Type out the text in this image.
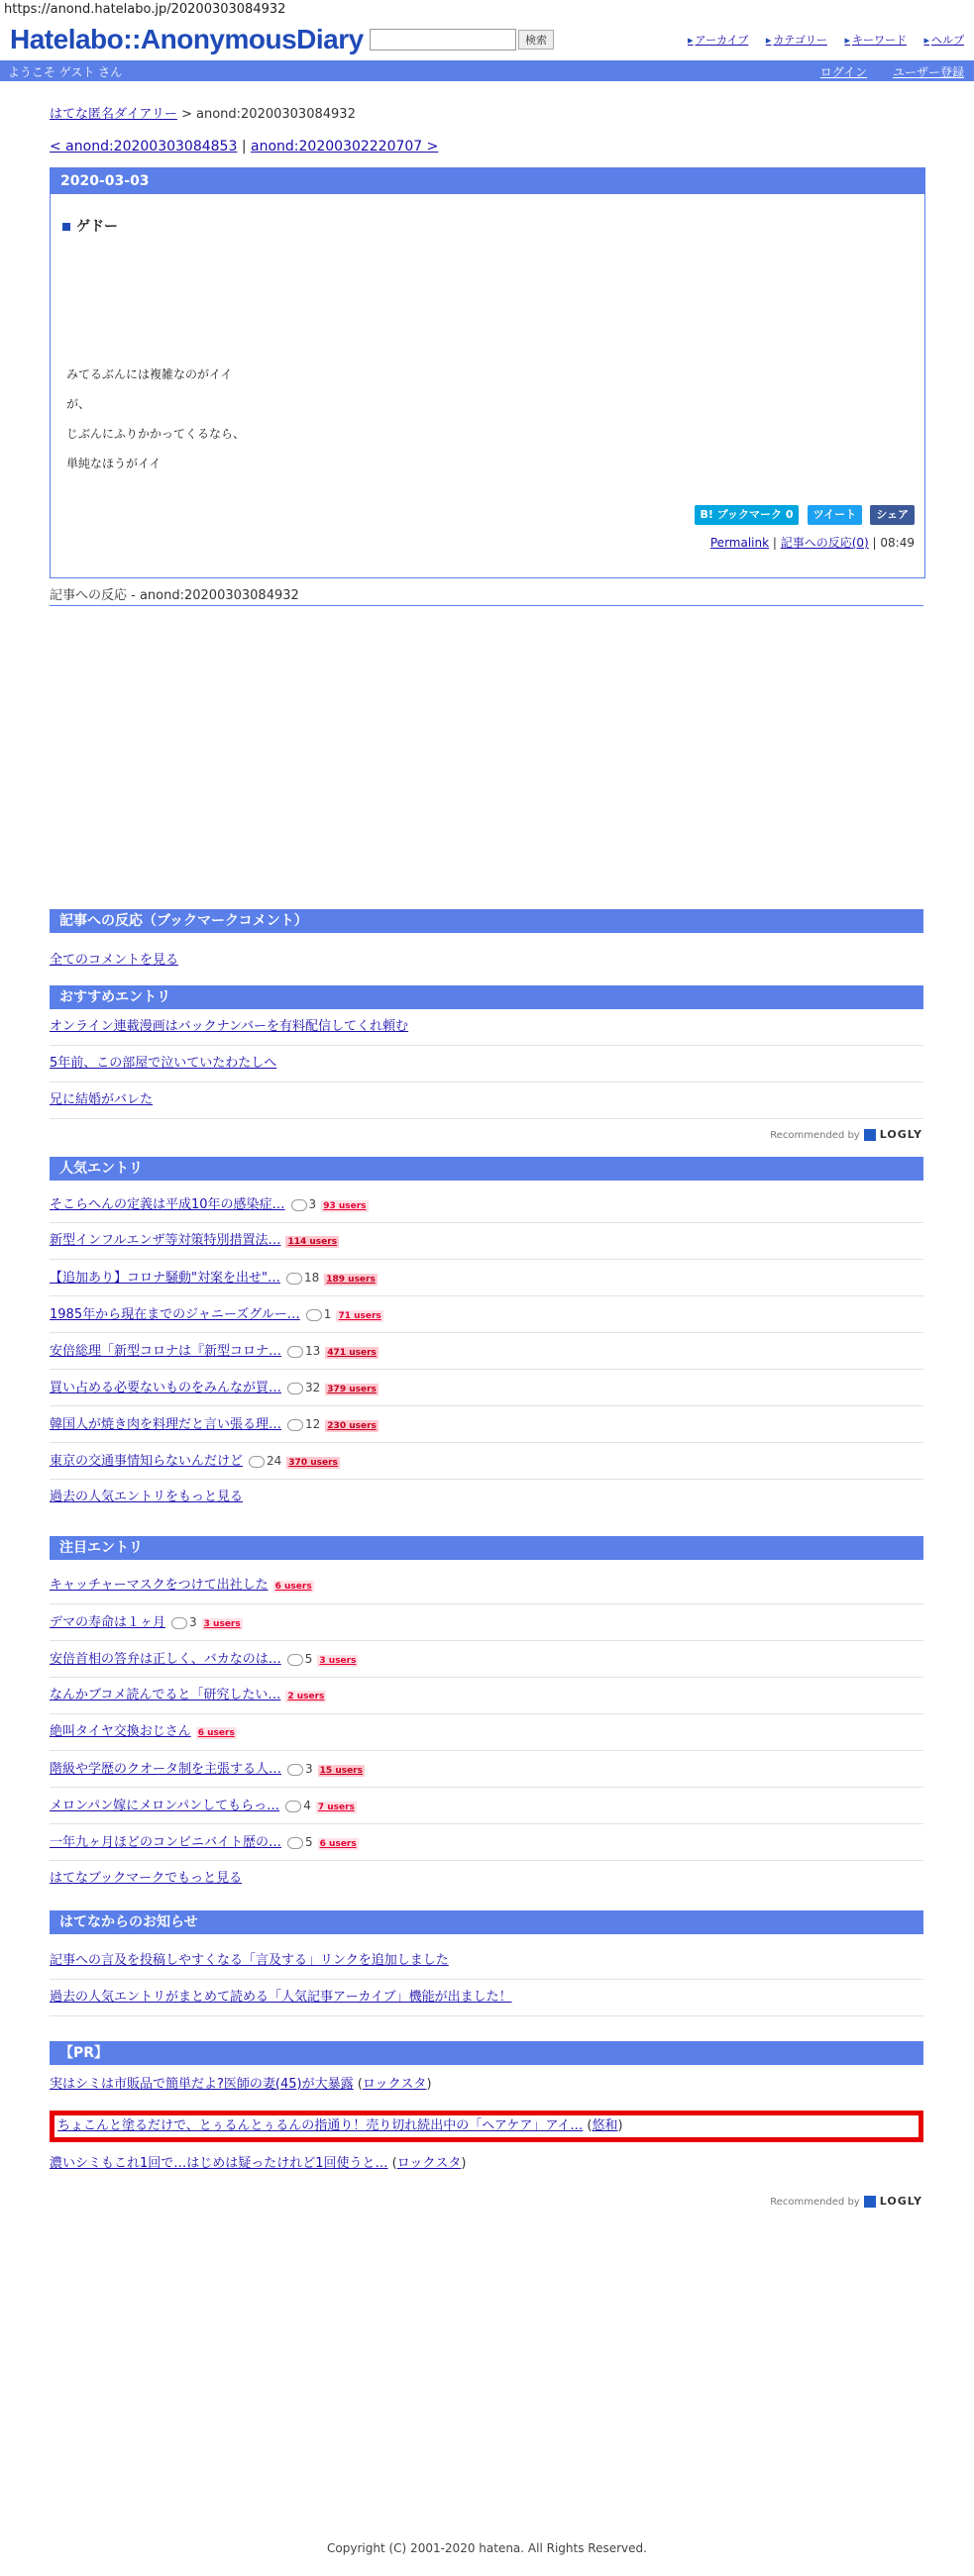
https://anond.hatelabo.jp/20200303084932
Hatelabo::AnonymousDiary	検索	▸ アーカイブ ▸ カテゴリー ▸ キーワード ▸ ヘルプ
ようこそ ゲスト さん	ログイン ユーザー登録
はてな匿名ダイアリー > anond:20200303084932
< anond:20200303084853 | anond:20200302220707 >
2020-03-03
ゲドー
みてるぶんには複雑なのがイイ
が、
じぶんにふりかかってくるなら、
単純なほうがイイ
B! ブックマーク 0 ツイート シェア
Permalink | 記事への反応(0) | 08:49
記事への反応 - anond:20200303084932
記事への反応（ブックマークコメント）
全てのコメントを見る
おすすめエントリ
オンライン連載漫画はバックナンバーを有料配信してくれ頼む
5年前、この部屋で泣いていたわたしへ
兄に結婚がバレた
Recommended by LOGLY
人気エントリ
そこらへんの定義は平成10年の感染症… 3 93 users
新型インフルエンザ等対策特別措置法… 114 users
【追加あり】コロナ騒動"対案を出せ"… 18 189 users
1985年から現在までのジャニーズグルー… 1 71 users
安倍総理「新型コロナは『新型コロナ… 13 471 users
買い占める必要ないものをみんなが買… 32 379 users
韓国人が焼き肉を料理だと言い張る理… 12 230 users
東京の交通事情知らないんだけど 24 370 users
過去の人気エントリをもっと見る
注目エントリ
キャッチャーマスクをつけて出社した 6 users
デマの寿命は１ヶ月 3 3 users
安倍首相の答弁は正しく、バカなのは… 5 3 users
なんかブコメ読んでると「研究したい… 2 users
絶叫タイヤ交換おじさん 6 users
階級や学歴のクオータ制を主張する人… 3 15 users
メロンパン嫁にメロンパンしてもらっ… 4 7 users
一年九ヶ月ほどのコンビニバイト歴の… 5 6 users
はてなブックマークでもっと見る
はてなからのお知らせ
記事への言及を投稿しやすくなる「言及する」リンクを追加しました
過去の人気エントリがまとめて読める「人気記事アーカイブ」機能が出ました！
【PR】
実はシミは市販品で簡単だよ?医師の妻(45)が大暴露 (ロックスタ)
ちょこんと塗るだけで、とぅるんとぅるんの指通り！売り切れ続出中の「ヘアケア」アイ… (悠和)
濃いシミもこれ1回で…はじめは疑ったけれど1回使うと… (ロックスタ)
Recommended by LOGLY
Copyright (C) 2001-2020 hatena. All Rights Reserved.
